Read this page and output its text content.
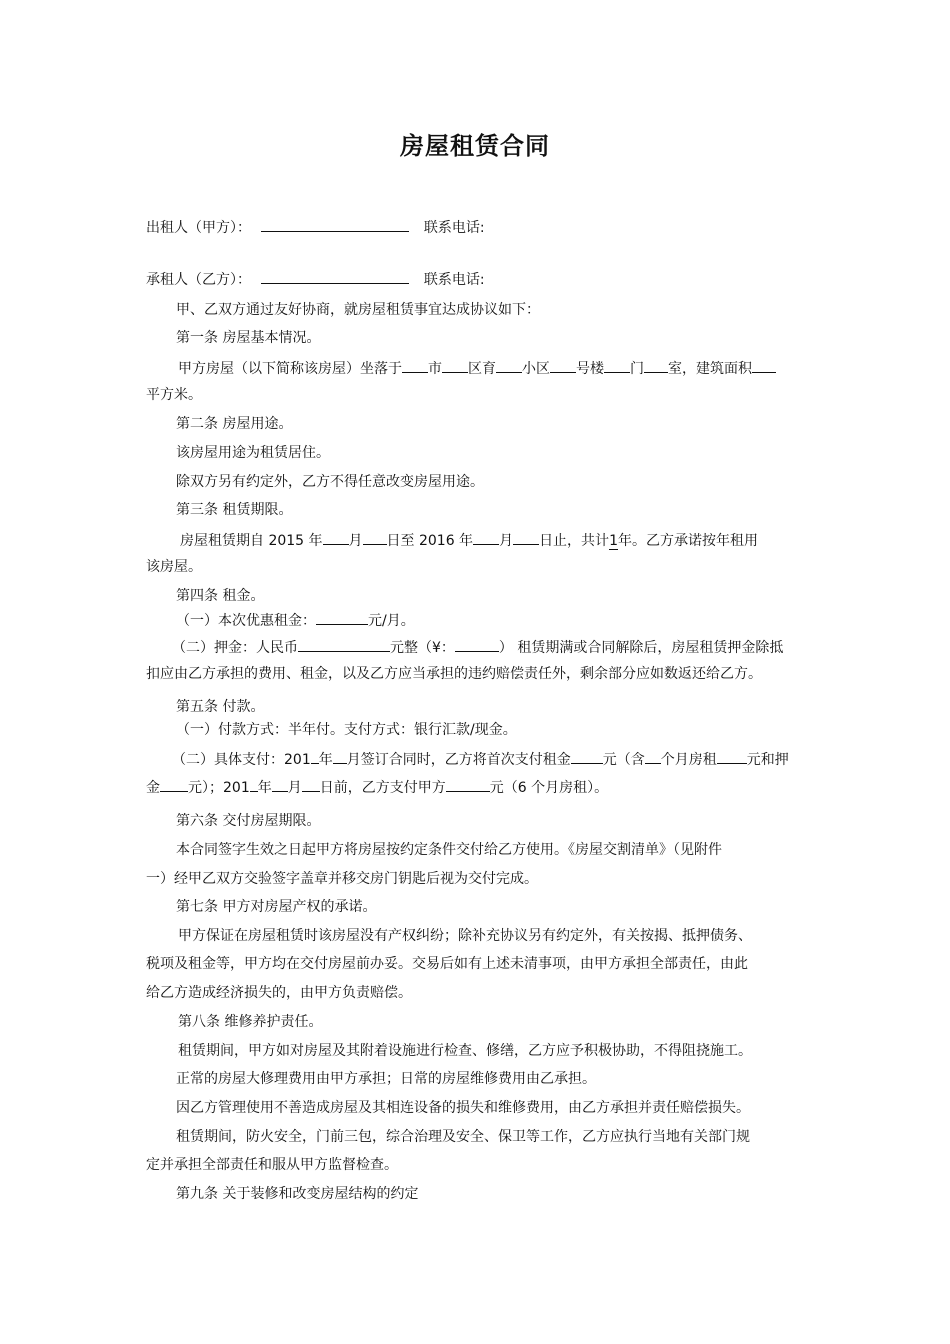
房屋租赁合同
出租人（甲方）：	联系电话:
承租人（乙方）：	联系电话:
甲、乙双方通过友好协商，就房屋租赁事宜达成协议如下：
第一条 房屋基本情况。
甲方房屋（以下简称该房屋）坐落于 市 区育 小区 号楼 门 室，建筑面积
平方米。
第二条 房屋用途。
该房屋用途为租赁居住。
除双方另有约定外，乙方不得任意改变房屋用途。
第三条 租赁期限。
房屋租赁期自 2015 年 月 日至 2016 年 月 日止，共计1年。乙方承诺按年租用
该房屋。
第四条 租金。
（一）本次优惠租金：	元/月。
（二）押金：人民币	元整（¥：	） 租赁期满或合同解除后，房屋租赁押金除抵
扣应由乙方承担的费用、租金，以及乙方应当承担的违约赔偿责任外，剩余部分应如数返还给乙方。
第五条 付款。
（一）付款方式：半年付。支付方式：银行汇款/现金。
（二）具体支付：201 年 月签订合同时，乙方将首次支付租金 元（含 个月房租 元和押
金 元）；201 年 月 日前，乙方支付甲方	元（6 个月房租）。
第六条 交付房屋期限。
本合同签字生效之日起甲方将房屋按约定条件交付给乙方使用。《房屋交割清单》（见附件
一）经甲乙双方交验签字盖章并移交房门钥匙后视为交付完成。
第七条 甲方对房屋产权的承诺。
甲方保证在房屋租赁时该房屋没有产权纠纷；除补充协议另有约定外，有关按揭、抵押债务、
税项及租金等，甲方均在交付房屋前办妥。交易后如有上述未清事项，由甲方承担全部责任，由此
给乙方造成经济损失的，由甲方负责赔偿。
第八条 维修养护责任。
租赁期间，甲方如对房屋及其附着设施进行检查、修缮，乙方应予积极协助，不得阻挠施工。
正常的房屋大修理费用由甲方承担；日常的房屋维修费用由乙承担。
因乙方管理使用不善造成房屋及其相连设备的损失和维修费用，由乙方承担并责任赔偿损失。
租赁期间，防火安全，门前三包，综合治理及安全、保卫等工作，乙方应执行当地有关部门规
定并承担全部责任和服从甲方监督检查。
第九条 关于装修和改变房屋结构的约定
